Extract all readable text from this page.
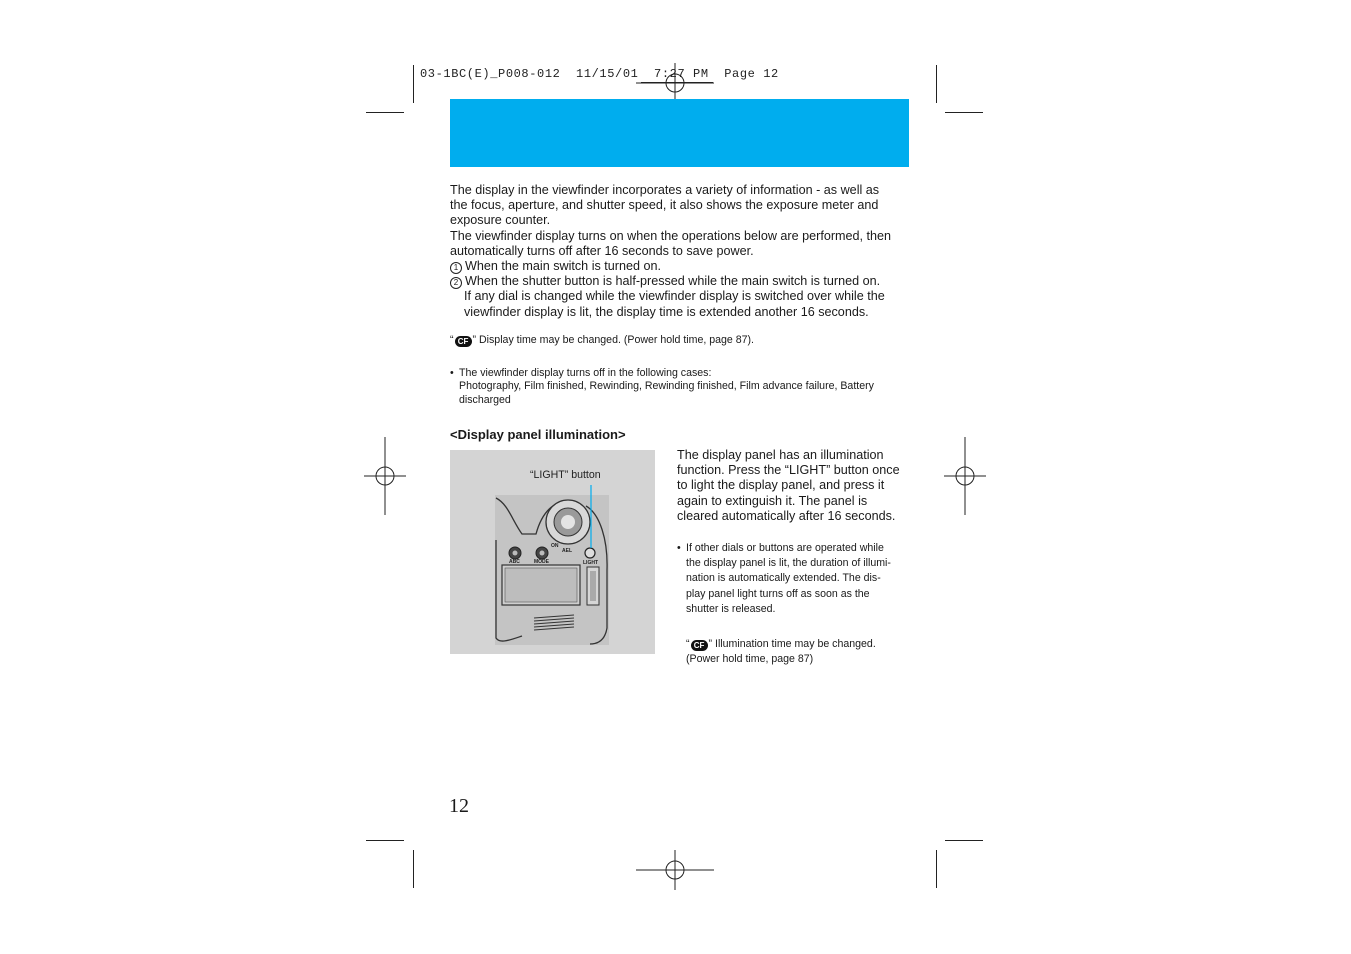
03-1BC(E)_P008-012  11/15/01  7:27 PM  Page 12
The display in the viewfinder incorporates a variety of information - as well as
the focus, aperture, and shutter speed, it also shows the exposure meter and
exposure counter.
The viewfinder display turns on when the operations below are performed, then
automatically turns off after 16 seconds to save power.
1 When the main switch is turned on.
2 When the shutter button is half-pressed while the main switch is turned on.
If any dial is changed while the viewfinder display is switched over while the
viewfinder display is lit, the display time is extended another 16 seconds.
“ CF ” Display time may be changed. (Power hold time, page 87).
• The viewfinder display turns off in the following cases:
Photography, Film finished, Rewinding, Rewinding finished, Film advance failure, Battery
discharged
<Display panel illumination>
“LIGHT” button
ABC	MODE
ON
AEL
LIGHT
The display panel has an illumination
function. Press the “LIGHT” button once
to light the display panel, and press it
again to extinguish it. The panel is
cleared automatically after 16 seconds.
• If other dials or buttons are operated while
the display panel is lit, the duration of illumi-
nation is automatically extended. The dis-
play panel light turns off as soon as the
shutter is released.
“ CF ” Illumination time may be changed.
(Power hold time, page 87)
12
